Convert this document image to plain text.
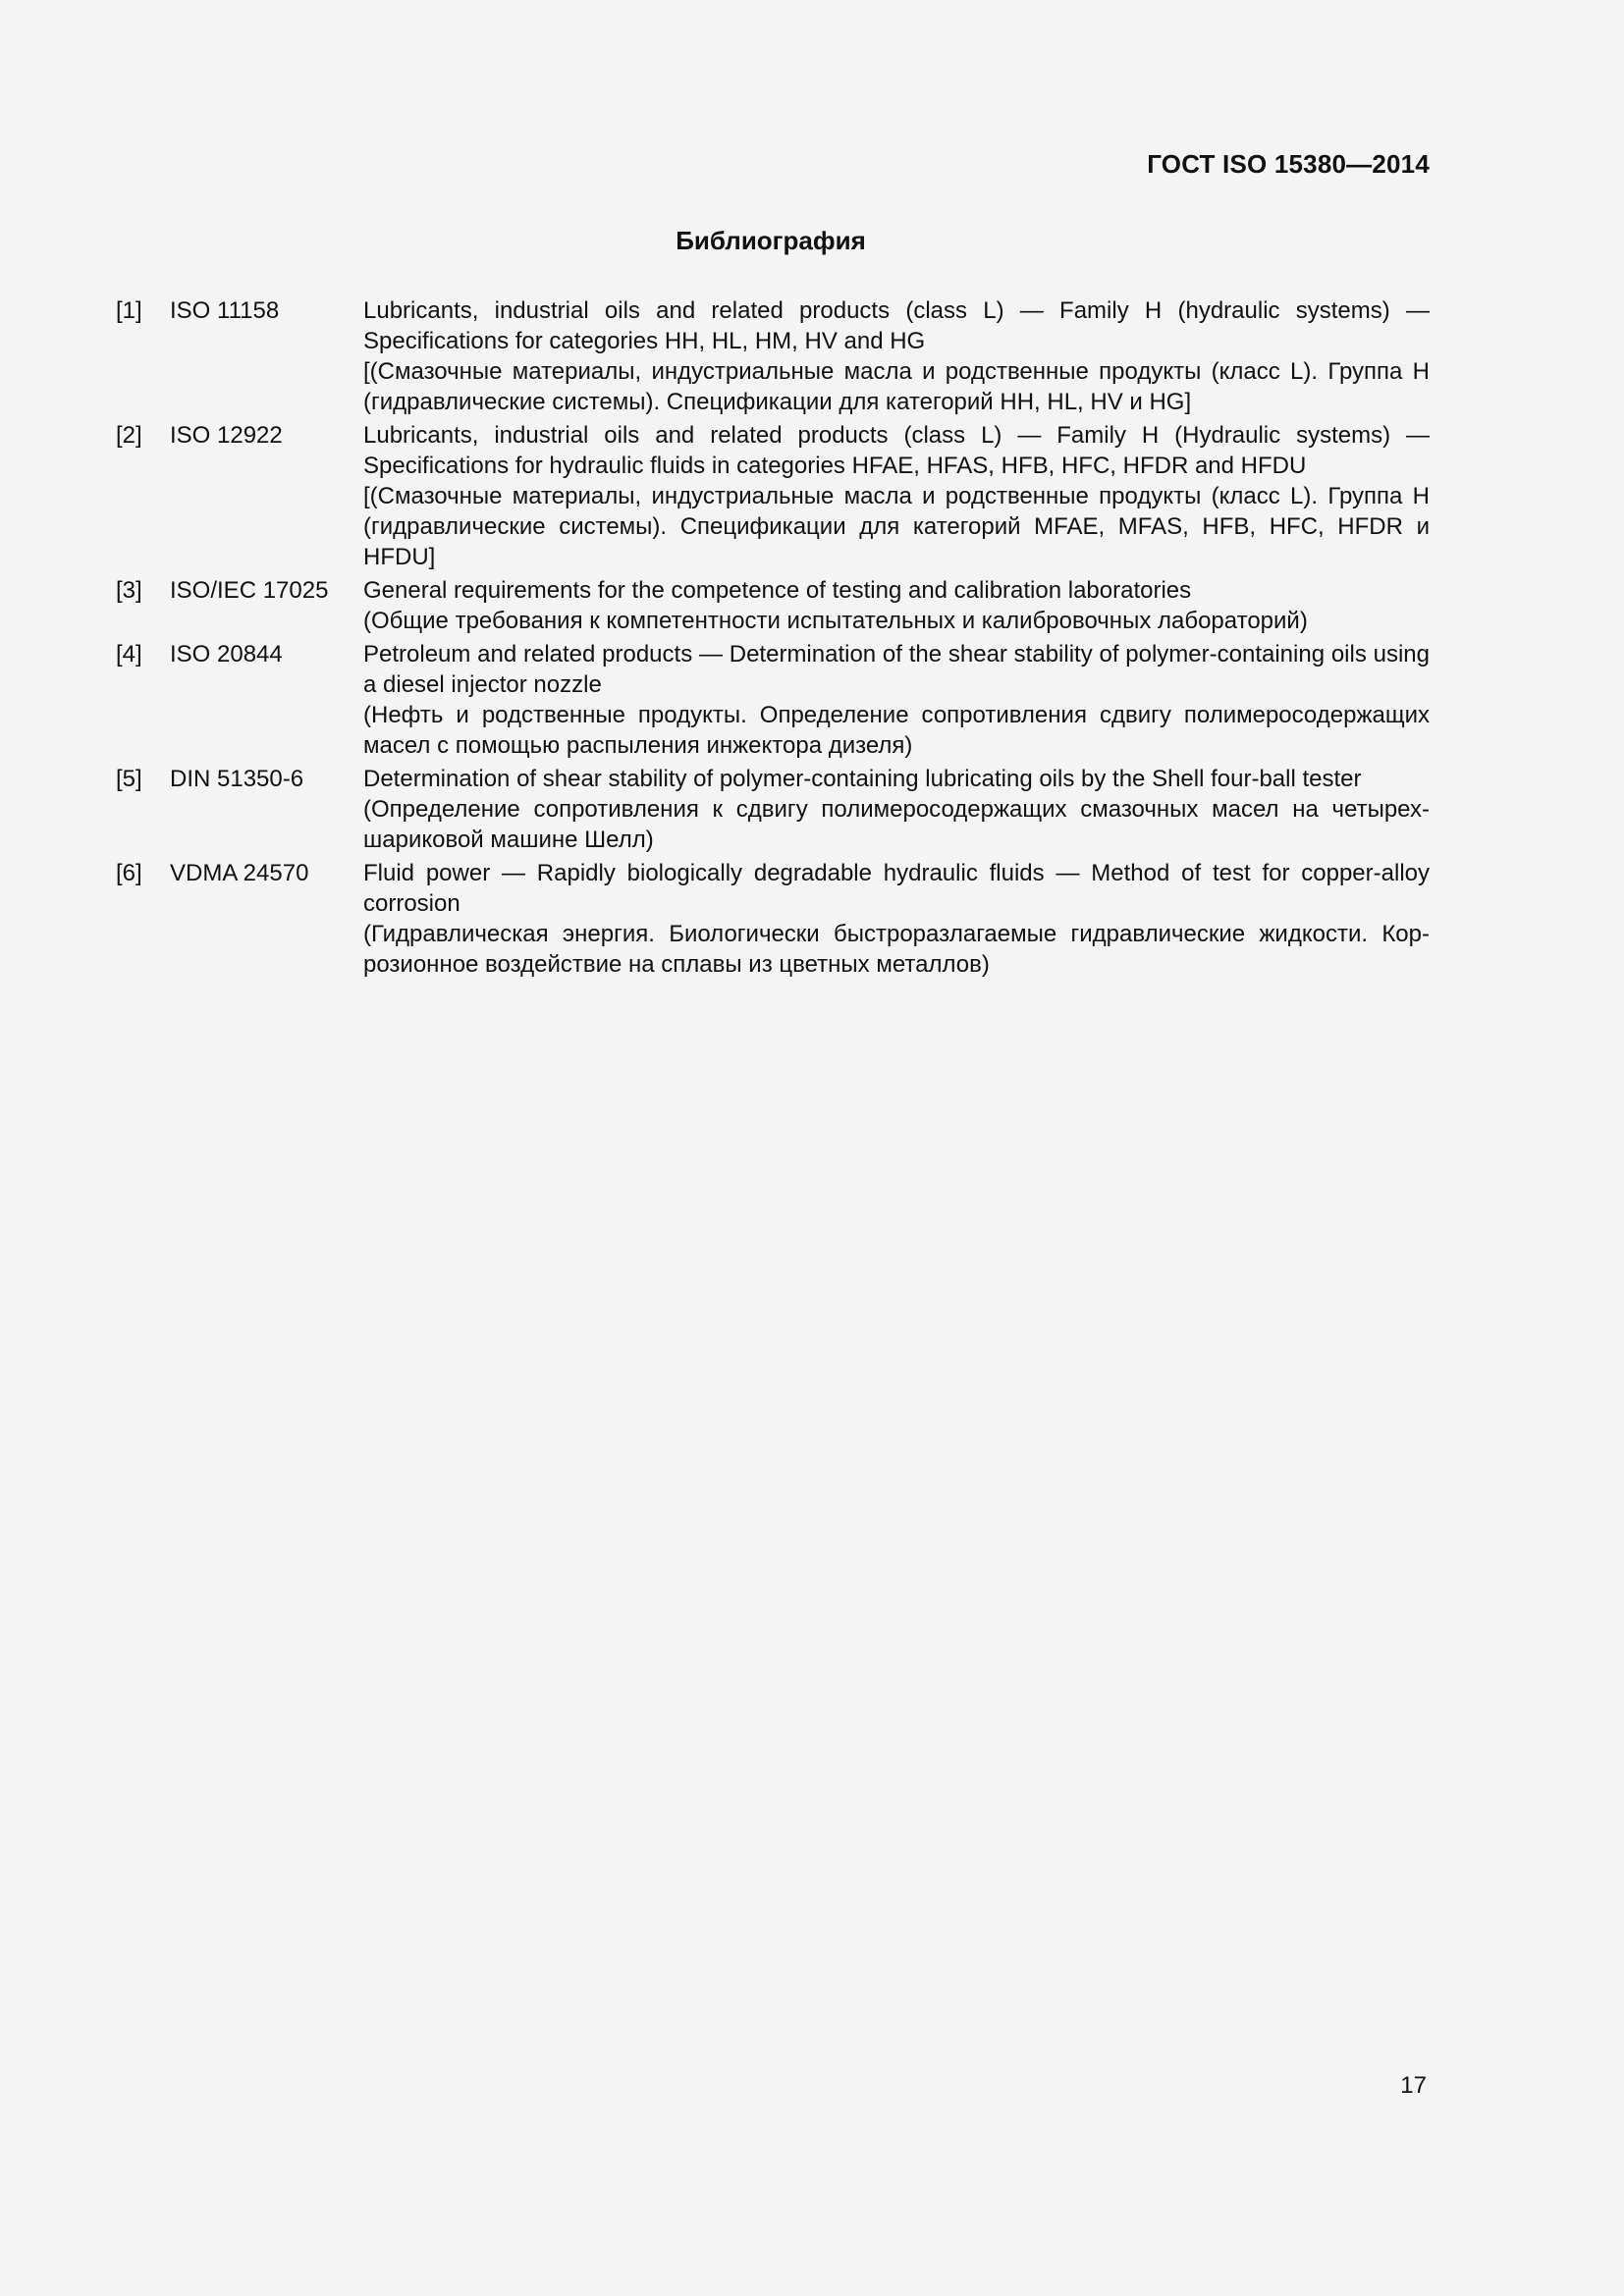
ГОСТ ISO 15380—2014
Библиография
[1]	ISO 11158	Lubricants, industrial oils and related products (class L) — Family H (hydraulic systems) — Specifications for categories HH, HL, HM, HV and HG

[(Смазочные материалы, индустриальные масла и родственные продукты (класс L). Группа H (гидравлические системы). Спецификации для категорий HH, HL, HV и HG]

[2]	ISO 12922	Lubricants, industrial oils and related products (class L) — Family H (Hydraulic systems) — Specifications for hydraulic fluids in categories HFAE, HFAS, HFB, HFC, HFDR and HFDU

[(Смазочные материалы, индустриальные масла и родственные продукты (класс L). Группа H (гидравлические системы). Спецификации для категорий MFAE, MFAS, HFB, HFC, HFDR и HFDU]

[3]	ISO/IEC 17025	General requirements for the competence of testing and calibration laboratories

(Общие требования к компетентности испытательных и калибровочных лабораторий)

[4]	ISO 20844	Petroleum and related products — Determination of the shear stability of polymer-containing oils using a diesel injector nozzle

(Нефть и родственные продукты. Определение сопротивления сдвигу полимеросодержащих масел с помощью распыления инжектора дизеля)

[5]	DIN 51350-6	Determination of shear stability of polymer-containing lubricating oils by the Shell four-ball tester

(Определение сопротивления к сдвигу полимеросодержащих смазочных масел на четырех-шариковой машине Шелл)

[6]	VDMA 24570	Fluid power — Rapidly biologically degradable hydraulic fluids — Method of test for copper-alloy corrosion

(Гидравлическая энергия. Биологически быстроразлагаемые гидравлические жидкости. Кор-розионное воздействие на сплавы из цветных металлов)

17
